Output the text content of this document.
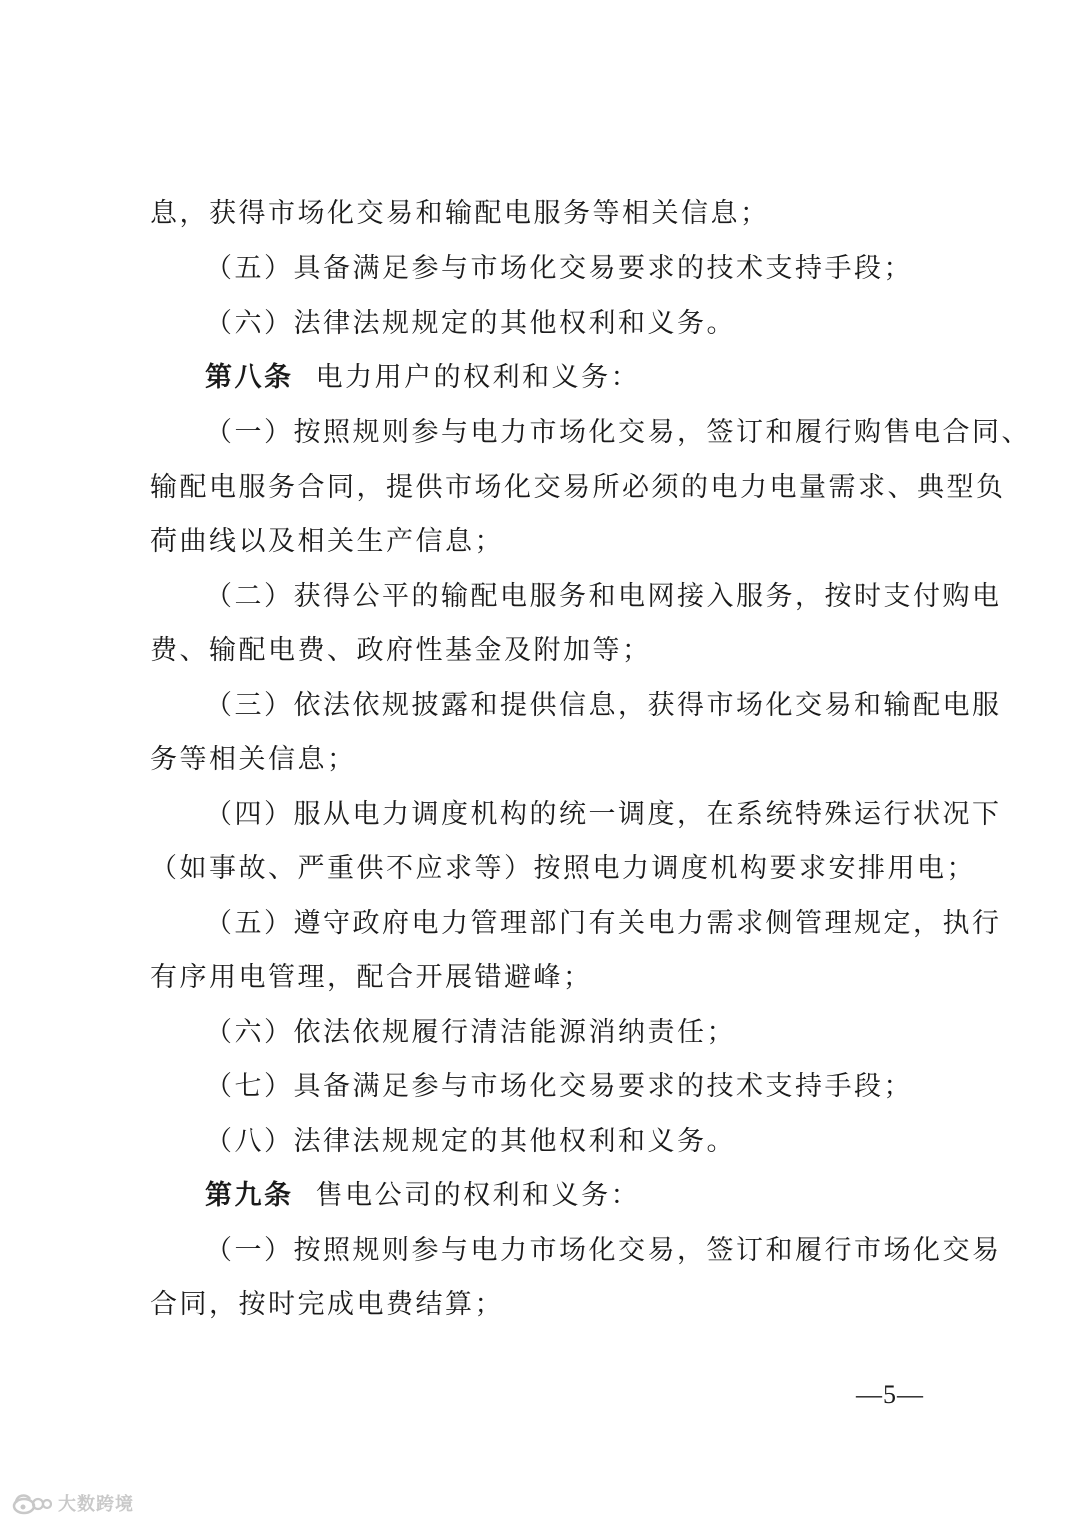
息，获得市场化交易和输配电服务等相关信息；
（五）具备满足参与市场化交易要求的技术支持手段；
（六）法律法规规定的其他权利和义务。
第八条 电力用户的权利和义务：
（一）按照规则参与电力市场化交易，签订和履行购售电合同、
输配电服务合同，提供市场化交易所必须的电力电量需求、典型负
荷曲线以及相关生产信息；
（二）获得公平的输配电服务和电网接入服务，按时支付购电
费、输配电费、政府性基金及附加等；
（三）依法依规披露和提供信息，获得市场化交易和输配电服
务等相关信息；
（四）服从电力调度机构的统一调度，在系统特殊运行状况下
（如事故、严重供不应求等）按照电力调度机构要求安排用电；
（五）遵守政府电力管理部门有关电力需求侧管理规定，执行
有序用电管理，配合开展错避峰；
（六）依法依规履行清洁能源消纳责任；
（七）具备满足参与市场化交易要求的技术支持手段；
（八）法律法规规定的其他权利和义务。
第九条 售电公司的权利和义务：
（一）按照规则参与电力市场化交易，签订和履行市场化交易
合同，按时完成电费结算；
—5—
大数跨境
